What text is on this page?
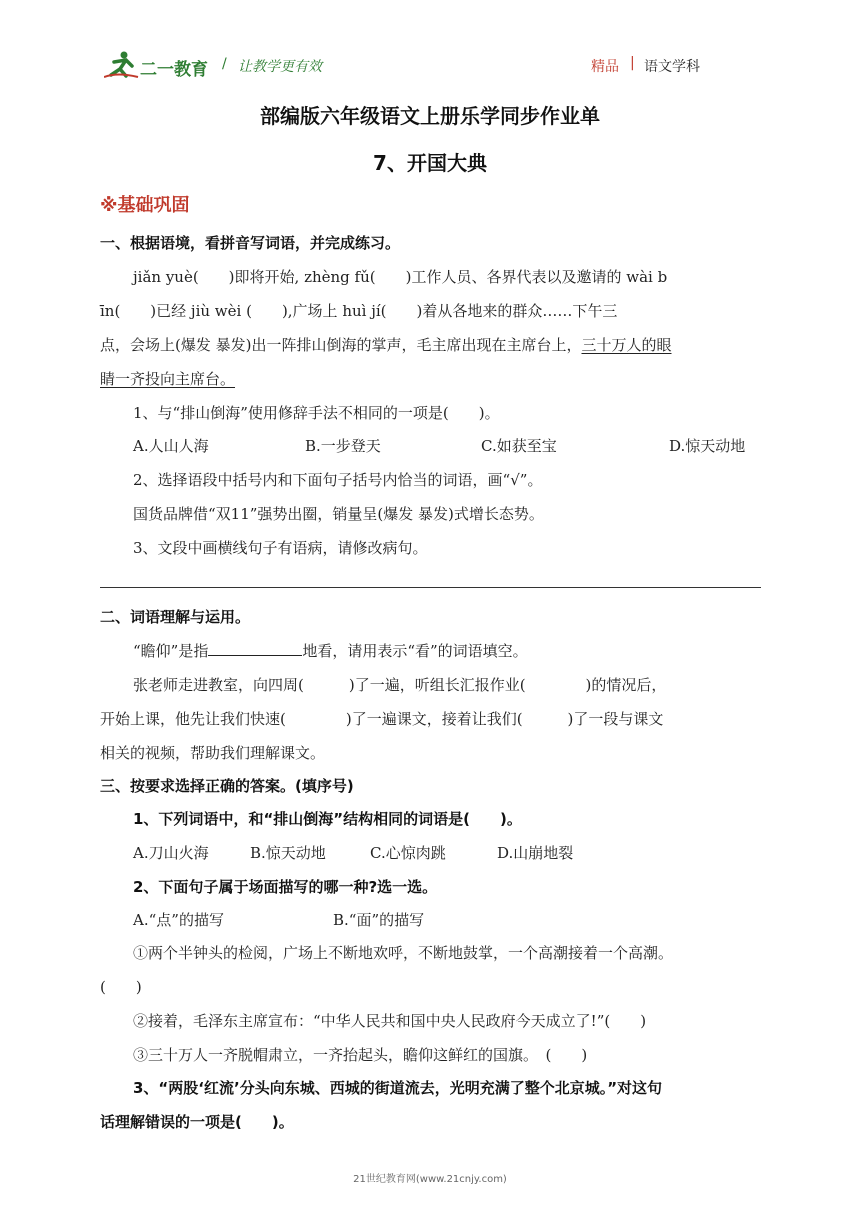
二一教育 / 让教学更有效	精品 | 语文学科
部编版六年级语文上册乐学同步作业单
7、开国大典
※基础巩固
一、根据语境，看拼音写词语，并完成练习。
jiǎn yuè(　　)即将开始, zhèng fǔ(　　)工作人员、各界代表以及邀请的 wài b
īn(　　)已经 jiù wèi (　　),广场上 huì jí(　　)着从各地来的群众……下午三
点，会场上(爆发 暴发)出一阵排山倒海的掌声，毛主席出现在主席台上，三十万人的眼
睛一齐投向主席台。
1、与“排山倒海”使用修辞手法不相同的一项是(　　)。
A.人山人海	B.一步登天	C.如获至宝	D.惊天动地
2、选择语段中括号内和下面句子括号内恰当的词语，画“√”。
国货品牌借“双11”强势出圈，销量呈(爆发 暴发)式增长态势。
3、文段中画横线句子有语病，请修改病句。
二、词语理解与运用。
“瞻仰”是指	地看，请用表示“看”的词语填空。
张老师走进教室，向四周(　　　)了一遍，听组长汇报作业(　　　　)的情况后，
开始上课，他先让我们快速(　　　　)了一遍课文，接着让我们(　　　)了一段与课文
相关的视频，帮助我们理解课文。
三、按要求选择正确的答案。(填序号)
1、下列词语中，和“排山倒海”结构相同的词语是(　　)。
A.刀山火海	B.惊天动地	C.心惊肉跳	D.山崩地裂
2、下面句子属于场面描写的哪一种?选一选。
A.“点”的描写	B.“面”的描写
①两个半钟头的检阅，广场上不断地欢呼，不断地鼓掌，一个高潮接着一个高潮。
(　　)
②接着，毛泽东主席宣布：“中华人民共和国中央人民政府今天成立了!”(　　)
③三十万人一齐脱帽肃立，一齐抬起头，瞻仰这鲜红的国旗。　(　　)
3、“两股‘红流’分头向东城、西城的街道流去，光明充满了整个北京城。”对这句
话理解错误的一项是(　　)。
21世纪教育网(www.21cnjy.com)
